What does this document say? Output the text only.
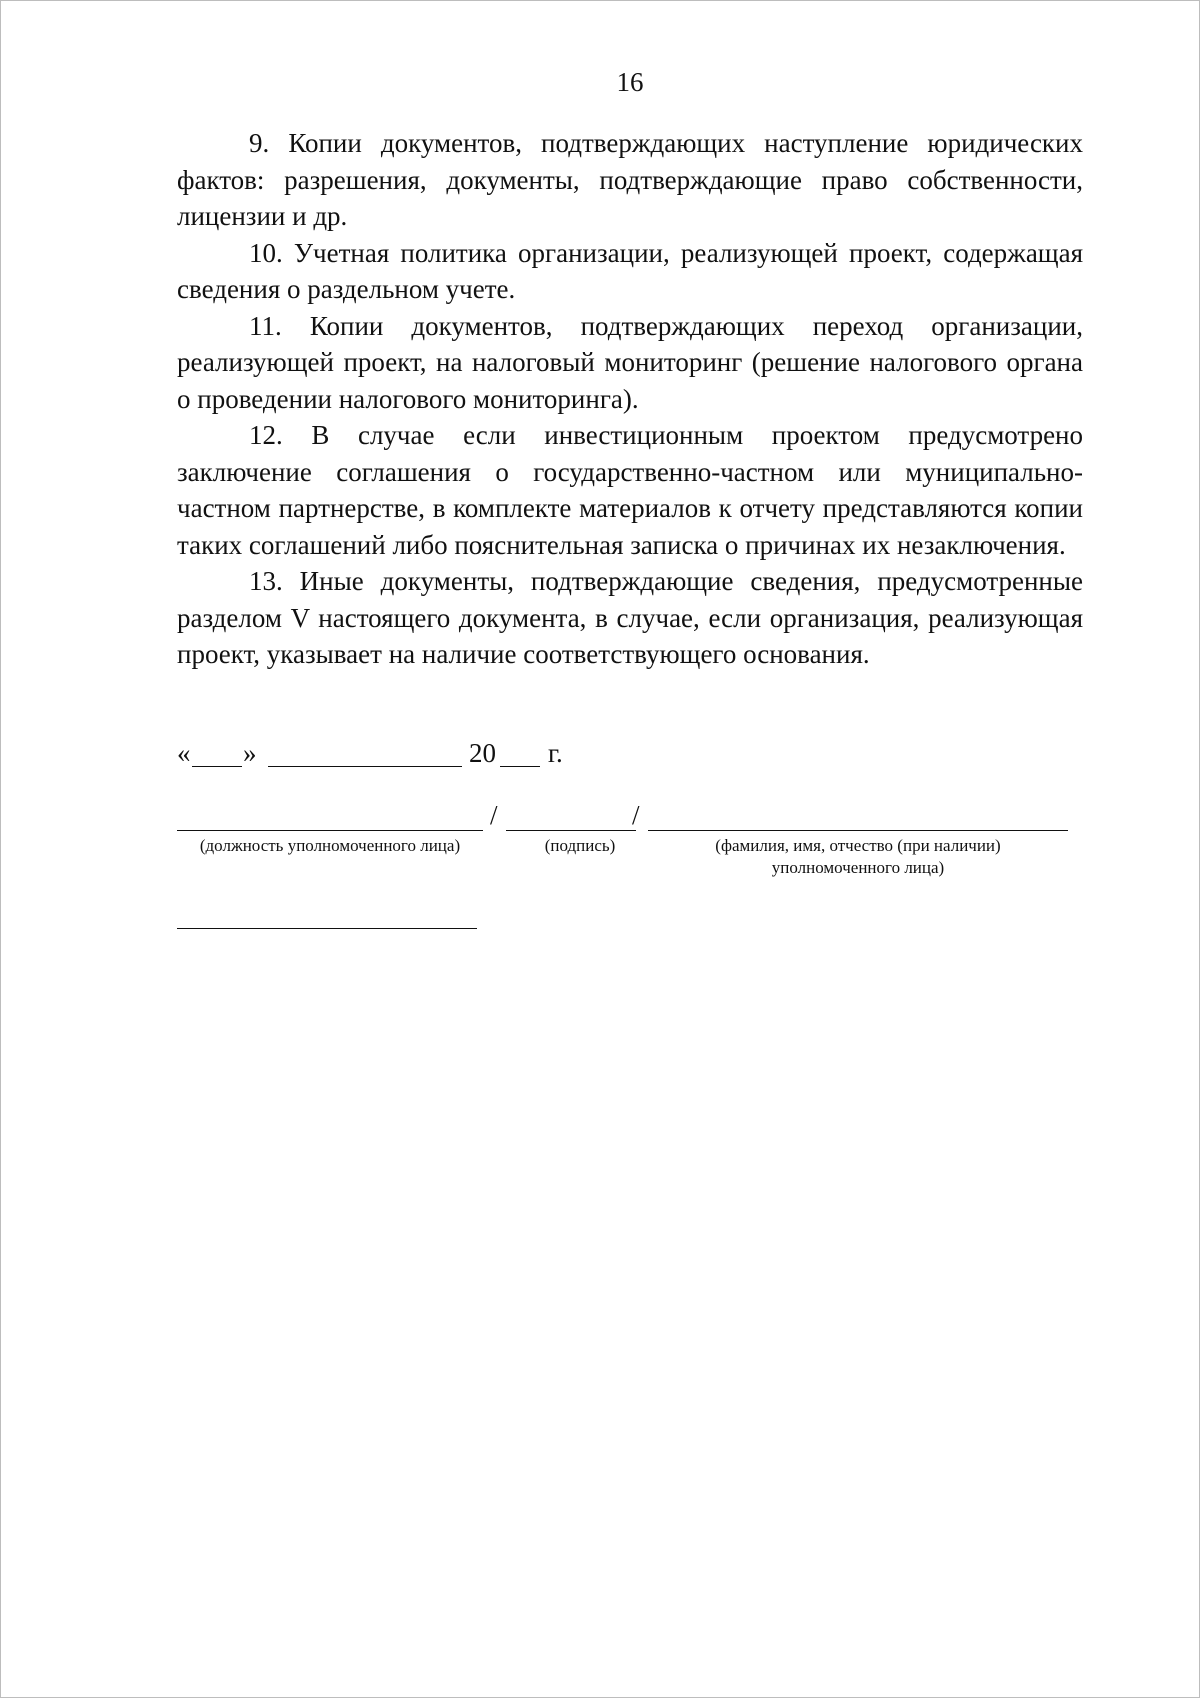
16

9. Копии документов, подтверждающих наступление юридических фактов: разрешения, документы, подтверждающие право собственности, лицензии и др.

10. Учетная политика организации, реализующей проект, содержащая сведения о раздельном учете.

11. Копии документов, подтверждающих переход организации, реализующей проект, на налоговый мониторинг (решение налогового органа о проведении налогового мониторинга).

12. В случае если инвестиционным проектом предусмотрено заключение соглашения о государственно-частном или муниципально-частном партнерстве, в комплекте материалов к отчету представляются копии таких соглашений либо пояснительная записка о причинах их незаключения.

13. Иные документы, подтверждающие сведения, предусмотренные разделом V настоящего документа, в случае, если организация, реализующая проект, указывает на наличие соответствующего основания.

« »	20 г.
/	/
(должность уполномоченного лица)	(подпись)	(фамилия, имя, отчество (при наличии)
уполномоченного лица)
